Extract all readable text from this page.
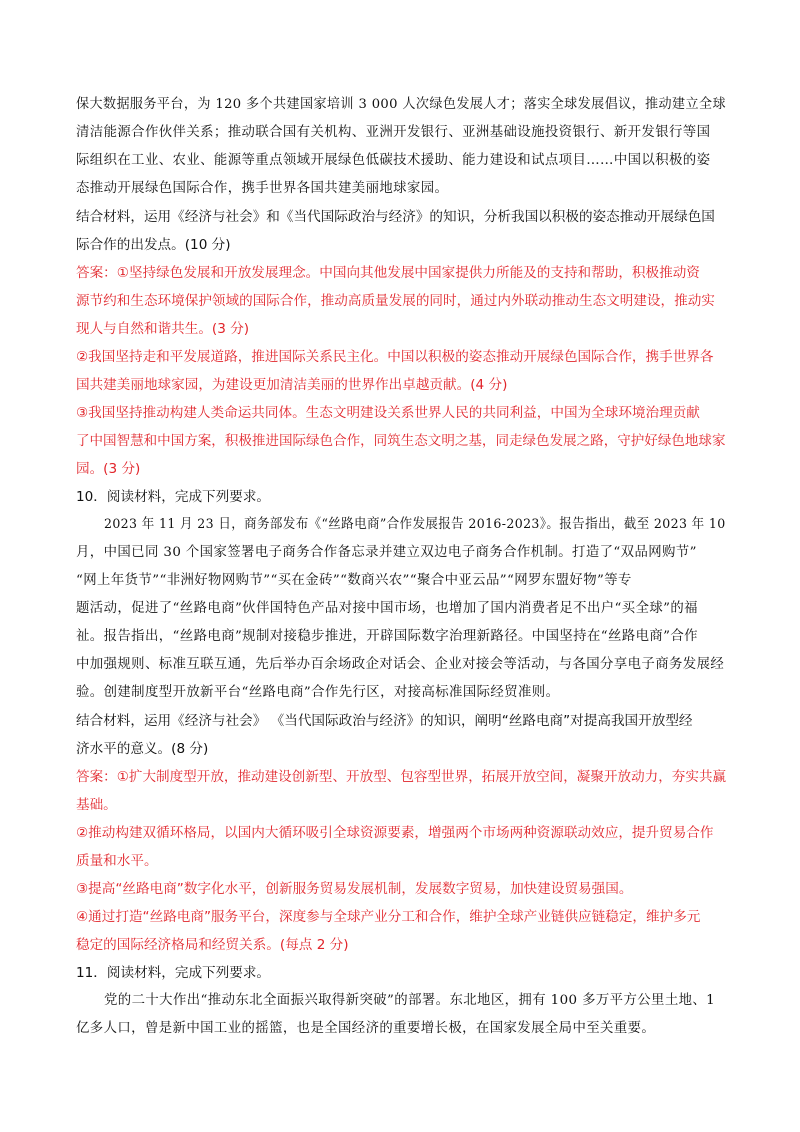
保大数据服务平台，为 120 多个共建国家培训 3 000 人次绿色发展人才；落实全球发展倡议，推动建立全球
清洁能源合作伙伴关系；推动联合国有关机构、亚洲开发银行、亚洲基础设施投资银行、新开发银行等国
际组织在工业、农业、能源等重点领域开展绿色低碳技术援助、能力建设和试点项目……中国以积极的姿
态推动开展绿色国际合作，携手世界各国共建美丽地球家园。
结合材料，运用《经济与社会》和《当代国际政治与经济》的知识，分析我国以积极的姿态推动开展绿色国
际合作的出发点。(10 分)
答案：①坚持绿色发展和开放发展理念。中国向其他发展中国家提供力所能及的支持和帮助，积极推动资
源节约和生态环境保护领域的国际合作，推动高质量发展的同时，通过内外联动推动生态文明建设，推动实
现人与自然和谐共生。(3 分)
②我国坚持走和平发展道路，推进国际关系民主化。中国以积极的姿态推动开展绿色国际合作，携手世界各
国共建美丽地球家园，为建设更加清洁美丽的世界作出卓越贡献。(4 分)
③我国坚持推动构建人类命运共同体。生态文明建设关系世界人民的共同利益，中国为全球环境治理贡献
了中国智慧和中国方案，积极推进国际绿色合作，同筑生态文明之基，同走绿色发展之路，守护好绿色地球家
园。(3 分)
10．阅读材料，完成下列要求。
2023 年 11 月 23 日，商务部发布《“丝路电商”合作发展报告 2016-2023》。报告指出，截至 2023 年 10
月，中国已同 30 个国家签署电子商务合作备忘录并建立双边电子商务合作机制。打造了“双品网购节”
“网上年货节”“非洲好物网购节”“买在金砖”“数商兴农”“聚合中亚云品”“网罗东盟好物”等专
题活动，促进了“丝路电商”伙伴国特色产品对接中国市场，也增加了国内消费者足不出户“买全球”的福
祉。报告指出，“丝路电商”规制对接稳步推进，开辟国际数字治理新路径。中国坚持在“丝路电商”合作
中加强规则、标准互联互通，先后举办百余场政企对话会、企业对接会等活动，与各国分享电子商务发展经
验。创建制度型开放新平台“丝路电商”合作先行区，对接高标准国际经贸准则。
结合材料，运用《经济与社会》 《当代国际政治与经济》的知识，阐明“丝路电商”对提高我国开放型经
济水平的意义。(8 分)
答案：①扩大制度型开放，推动建设创新型、开放型、包容型世界，拓展开放空间，凝聚开放动力，夯实共赢
基础。
②推动构建双循环格局，以国内大循环吸引全球资源要素，增强两个市场两种资源联动效应，提升贸易合作
质量和水平。
③提高“丝路电商”数字化水平，创新服务贸易发展机制，发展数字贸易，加快建设贸易强国。
④通过打造“丝路电商”服务平台，深度参与全球产业分工和合作，维护全球产业链供应链稳定，维护多元
稳定的国际经济格局和经贸关系。(每点 2 分)
11．阅读材料，完成下列要求。
党的二十大作出“推动东北全面振兴取得新突破”的部署。东北地区，拥有 100 多万平方公里土地、1
亿多人口，曾是新中国工业的摇篮，也是全国经济的重要增长极，在国家发展全局中至关重要。
